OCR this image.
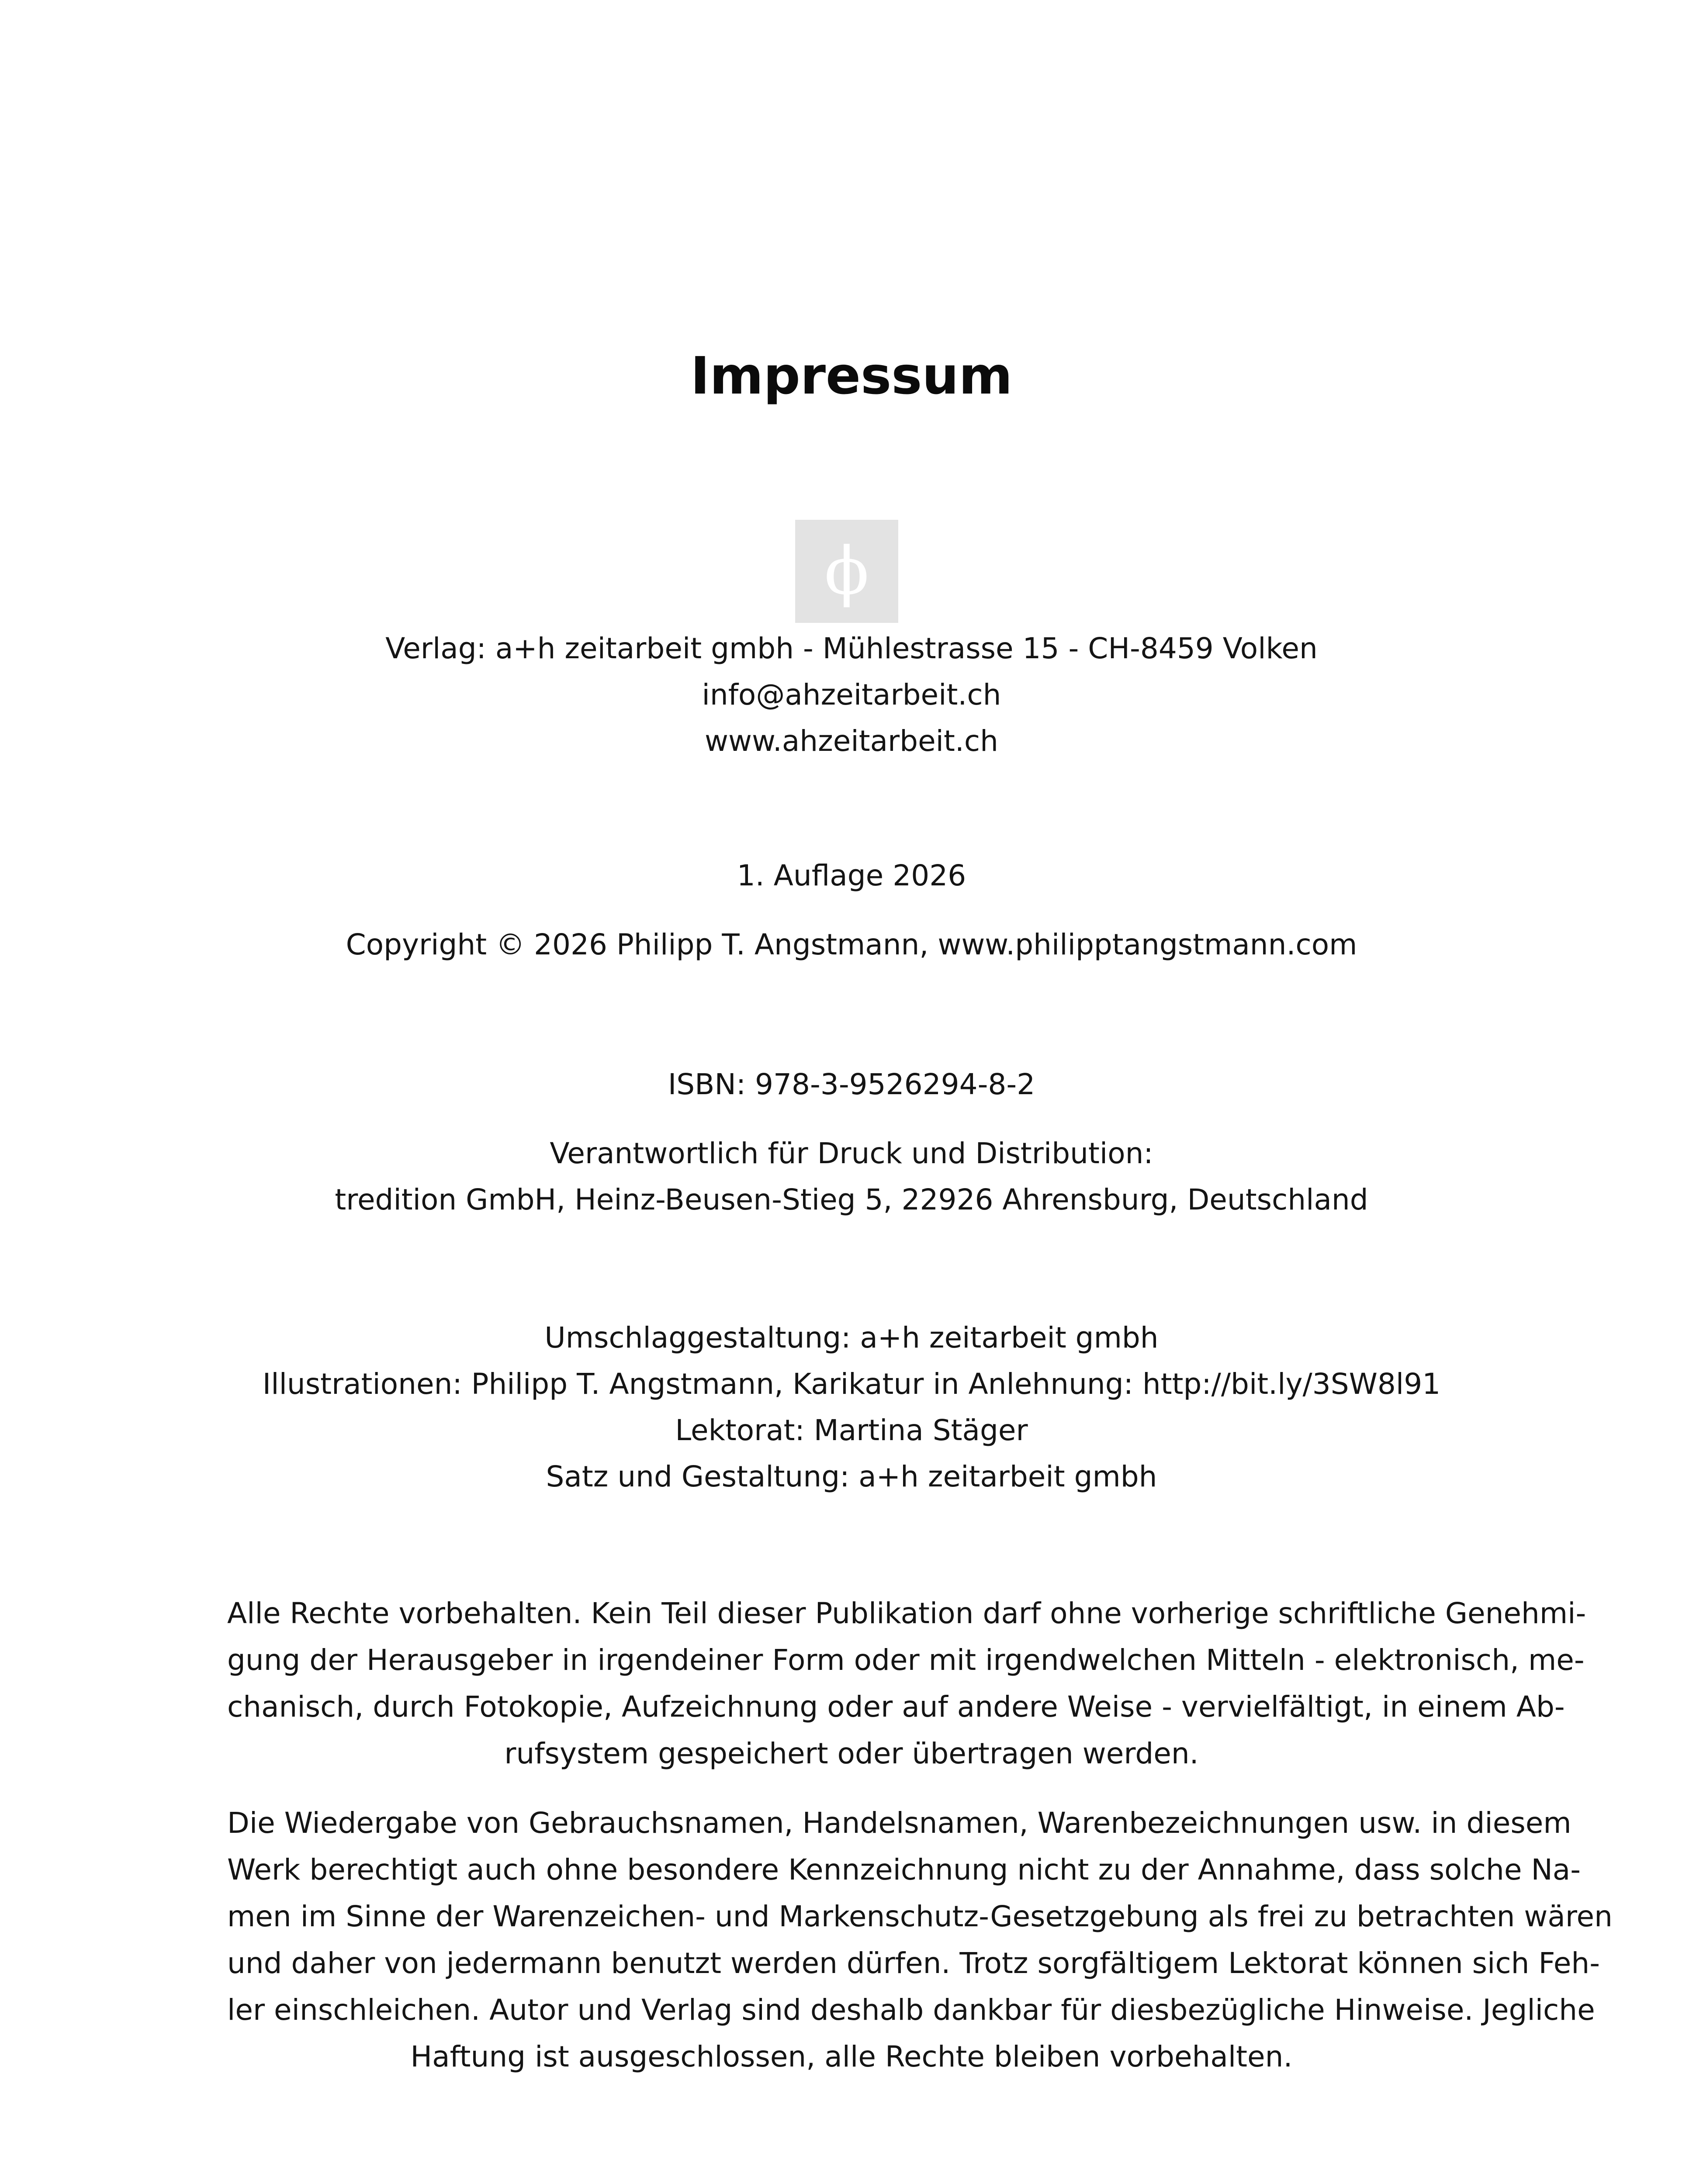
Impressum
ϕ
Verlag: a+h zeitarbeit gmbh - Mühlestrasse 15 - CH-8459 Volken
info@ahzeitarbeit.ch
www.ahzeitarbeit.ch
1. Auflage 2026
Copyright © 2026 Philipp T. Angstmann, www.philipptangstmann.com
ISBN: 978-3-9526294-8-2
Verantwortlich für Druck und Distribution:
tredition GmbH, Heinz-Beusen-Stieg 5, 22926 Ahrensburg, Deutschland
Umschlaggestaltung: a+h zeitarbeit gmbh
Illustrationen: Philipp T. Angstmann, Karikatur in Anlehnung: http://bit.ly/3SW8l91
Lektorat: Martina Stäger
Satz und Gestaltung: a+h zeitarbeit gmbh
Alle Rechte vorbehalten. Kein Teil dieser Publikation darf ohne vorherige schriftliche Genehmi-
gung der Herausgeber in irgendeiner Form oder mit irgendwelchen Mitteln - elektronisch, me-
chanisch, durch Fotokopie, Aufzeichnung oder auf andere Weise - vervielfältigt, in einem Ab-
rufsystem gespeichert oder übertragen werden.
Die Wiedergabe von Gebrauchsnamen, Handelsnamen, Warenbezeichnungen usw. in diesem
Werk berechtigt auch ohne besondere Kennzeichnung nicht zu der Annahme, dass solche Na-
men im Sinne der Warenzeichen- und Markenschutz-Gesetzgebung als frei zu betrachten wären
und daher von jedermann benutzt werden dürfen. Trotz sorgfältigem Lektorat können sich Feh-
ler einschleichen. Autor und Verlag sind deshalb dankbar für diesbezügliche Hinweise. Jegliche
Haftung ist ausgeschlossen, alle Rechte bleiben vorbehalten.
